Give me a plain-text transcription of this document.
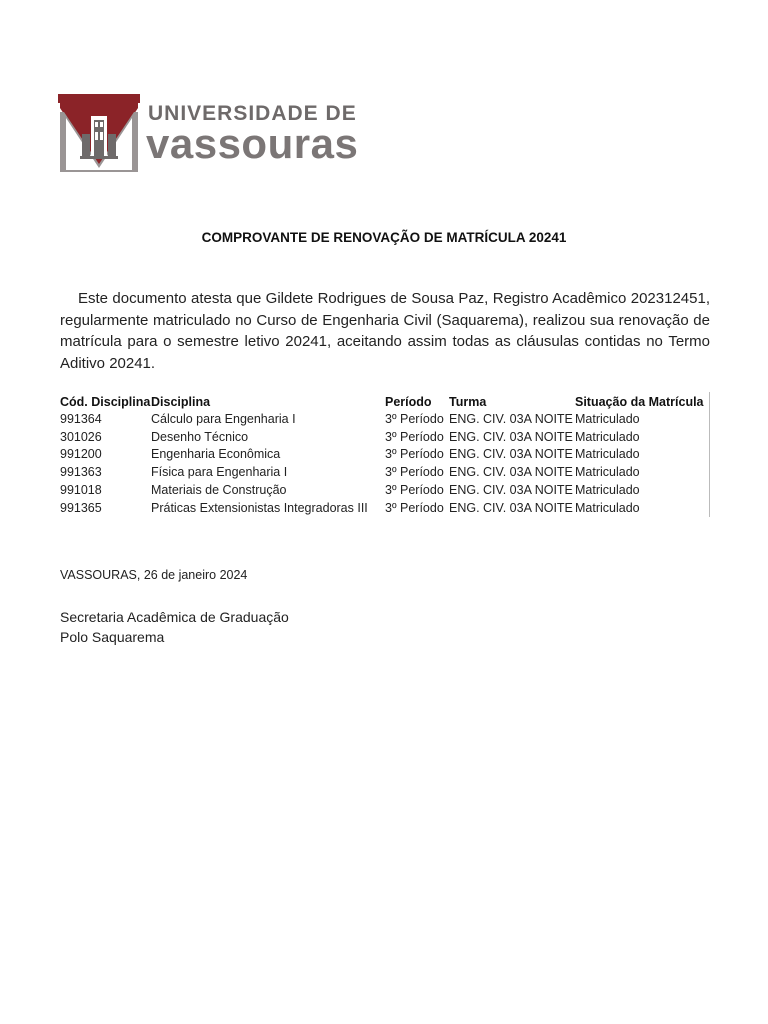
UNIVERSIDADE DE
vassouras
COMPROVANTE DE RENOVAÇÃO DE MATRÍCULA 20241
Este documento atesta que Gildete Rodrigues de Sousa Paz, Registro Acadêmico 202312451, regularmente matriculado no Curso de Engenharia Civil (Saquarema), realizou sua renovação de matrícula para o semestre letivo 20241, aceitando assim todas as cláusulas contidas no Termo Aditivo 20241.
Cód. Disciplina	Disciplina	Período	Turma	Situação da Matrícula
991364	Cálculo para Engenharia I	3º Período	ENG. CIV. 03A NOITE	Matriculado
301026	Desenho Técnico	3º Período	ENG. CIV. 03A NOITE	Matriculado
991200	Engenharia Econômica	3º Período	ENG. CIV. 03A NOITE	Matriculado
991363	Física para Engenharia I	3º Período	ENG. CIV. 03A NOITE	Matriculado
991018	Materiais de Construção	3º Período	ENG. CIV. 03A NOITE	Matriculado
991365	Práticas Extensionistas Integradoras III	3º Período	ENG. CIV. 03A NOITE	Matriculado
VASSOURAS, 26 de janeiro 2024
Secretaria Acadêmica de Graduação
Polo Saquarema
